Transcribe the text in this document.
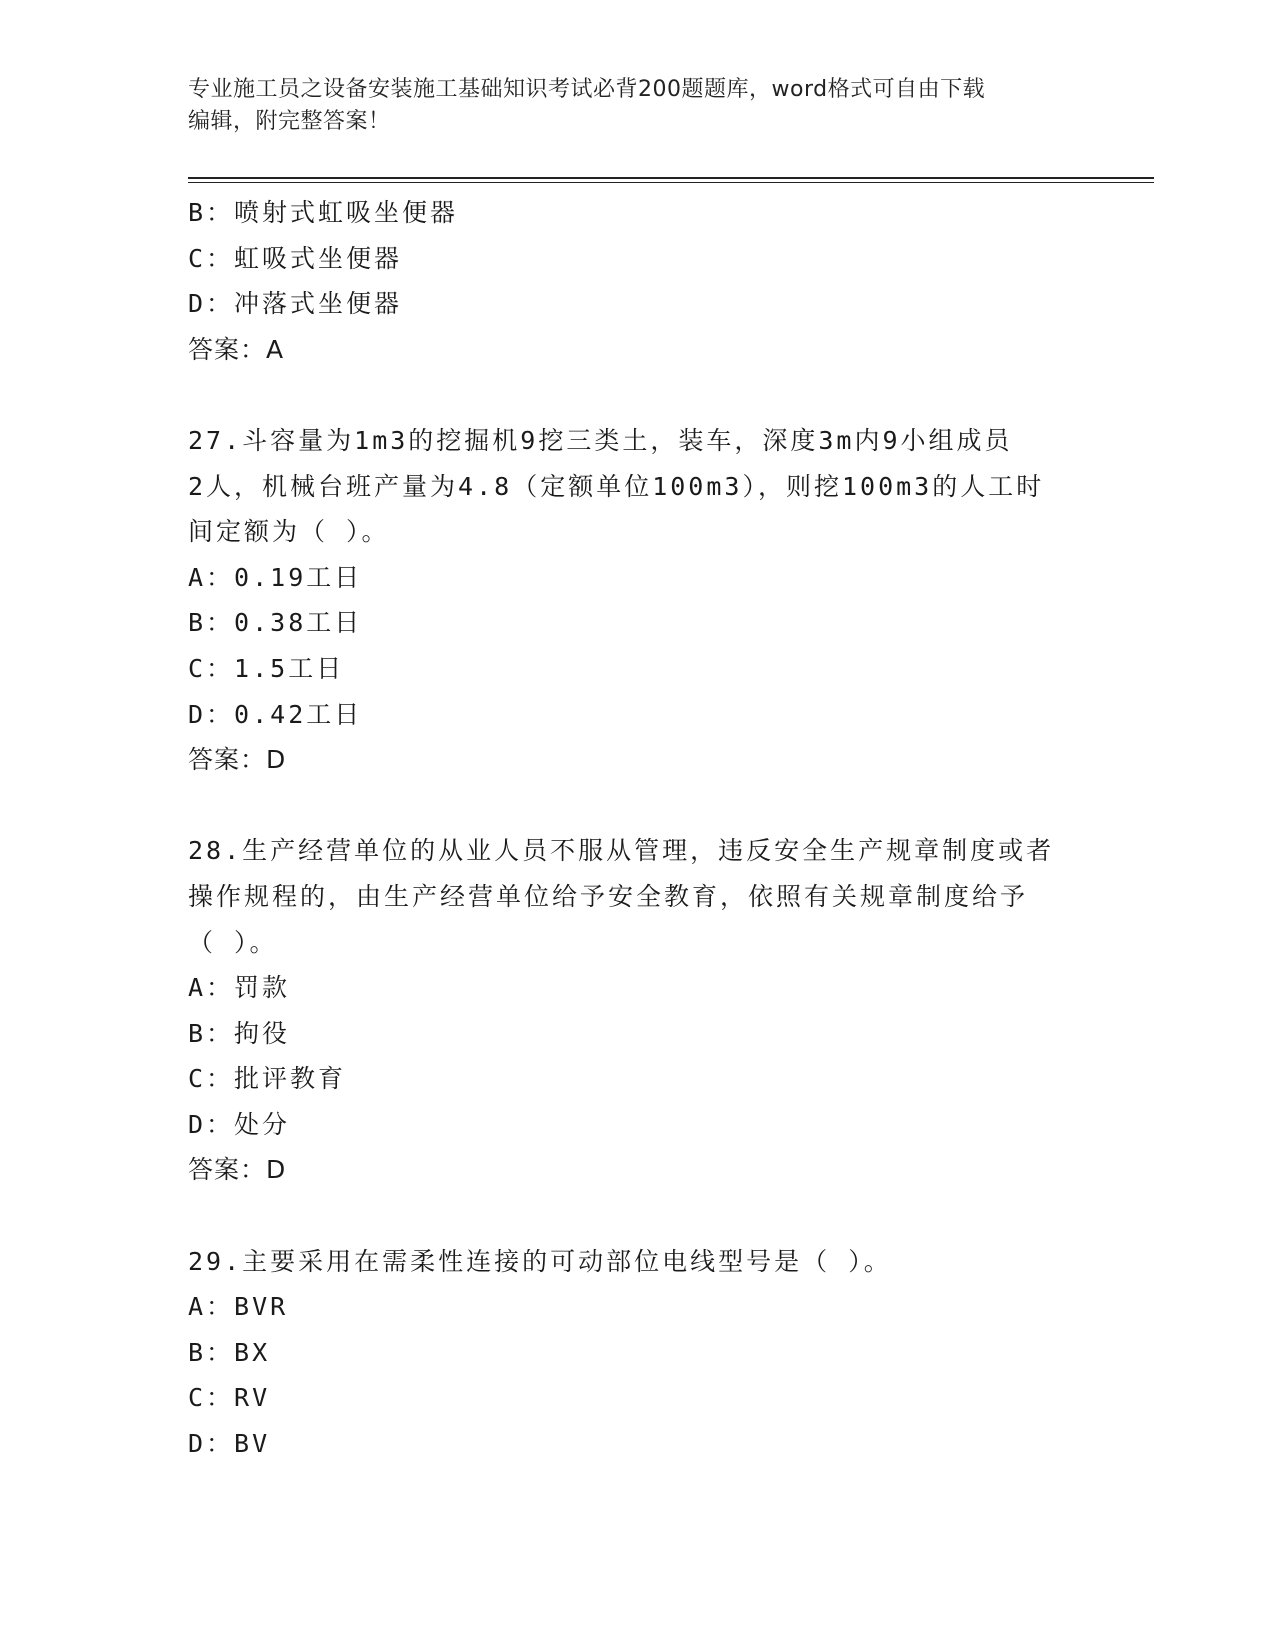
专业施工员之设备安装施工基础知识考试必背200题题库，word格式可自由下载
编辑，附完整答案！
B：喷射式虹吸坐便器
C：虹吸式坐便器
D：冲落式坐便器
答案：A
27.斗容量为1m3的挖掘机9挖三类土，装车，深度3m内9小组成员
2人，机械台班产量为4.8（定额单位100m3），则挖100m3的人工时
间定额为（ ）。
A：0.19工日
B：0.38工日
C：1.5工日
D：0.42工日
答案：D
28.生产经营单位的从业人员不服从管理，违反安全生产规章制度或者
操作规程的，由生产经营单位给予安全教育，依照有关规章制度给予
（ ）。
A：罚款
B：拘役
C：批评教育
D：处分
答案：D
29.主要采用在需柔性连接的可动部位电线型号是（ ）。
A：BVR
B：BX
C：RV
D：BV
